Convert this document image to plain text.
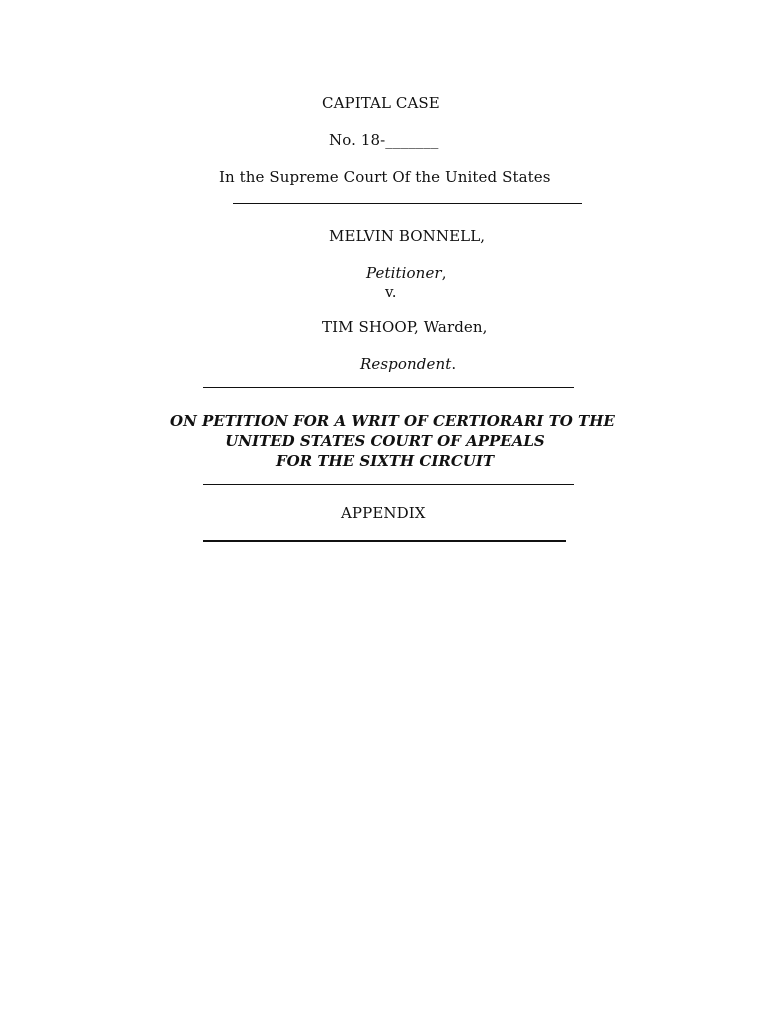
CAPITAL CASE
No. 18-_______
In the Supreme Court Of the United States
MELVIN BONNELL,
Petitioner,
v.
TIM SHOOP, Warden,
Respondent.
ON PETITION FOR A WRIT OF CERTIORARI TO THE
UNITED STATES COURT OF APPEALS
FOR THE SIXTH CIRCUIT
APPENDIX
